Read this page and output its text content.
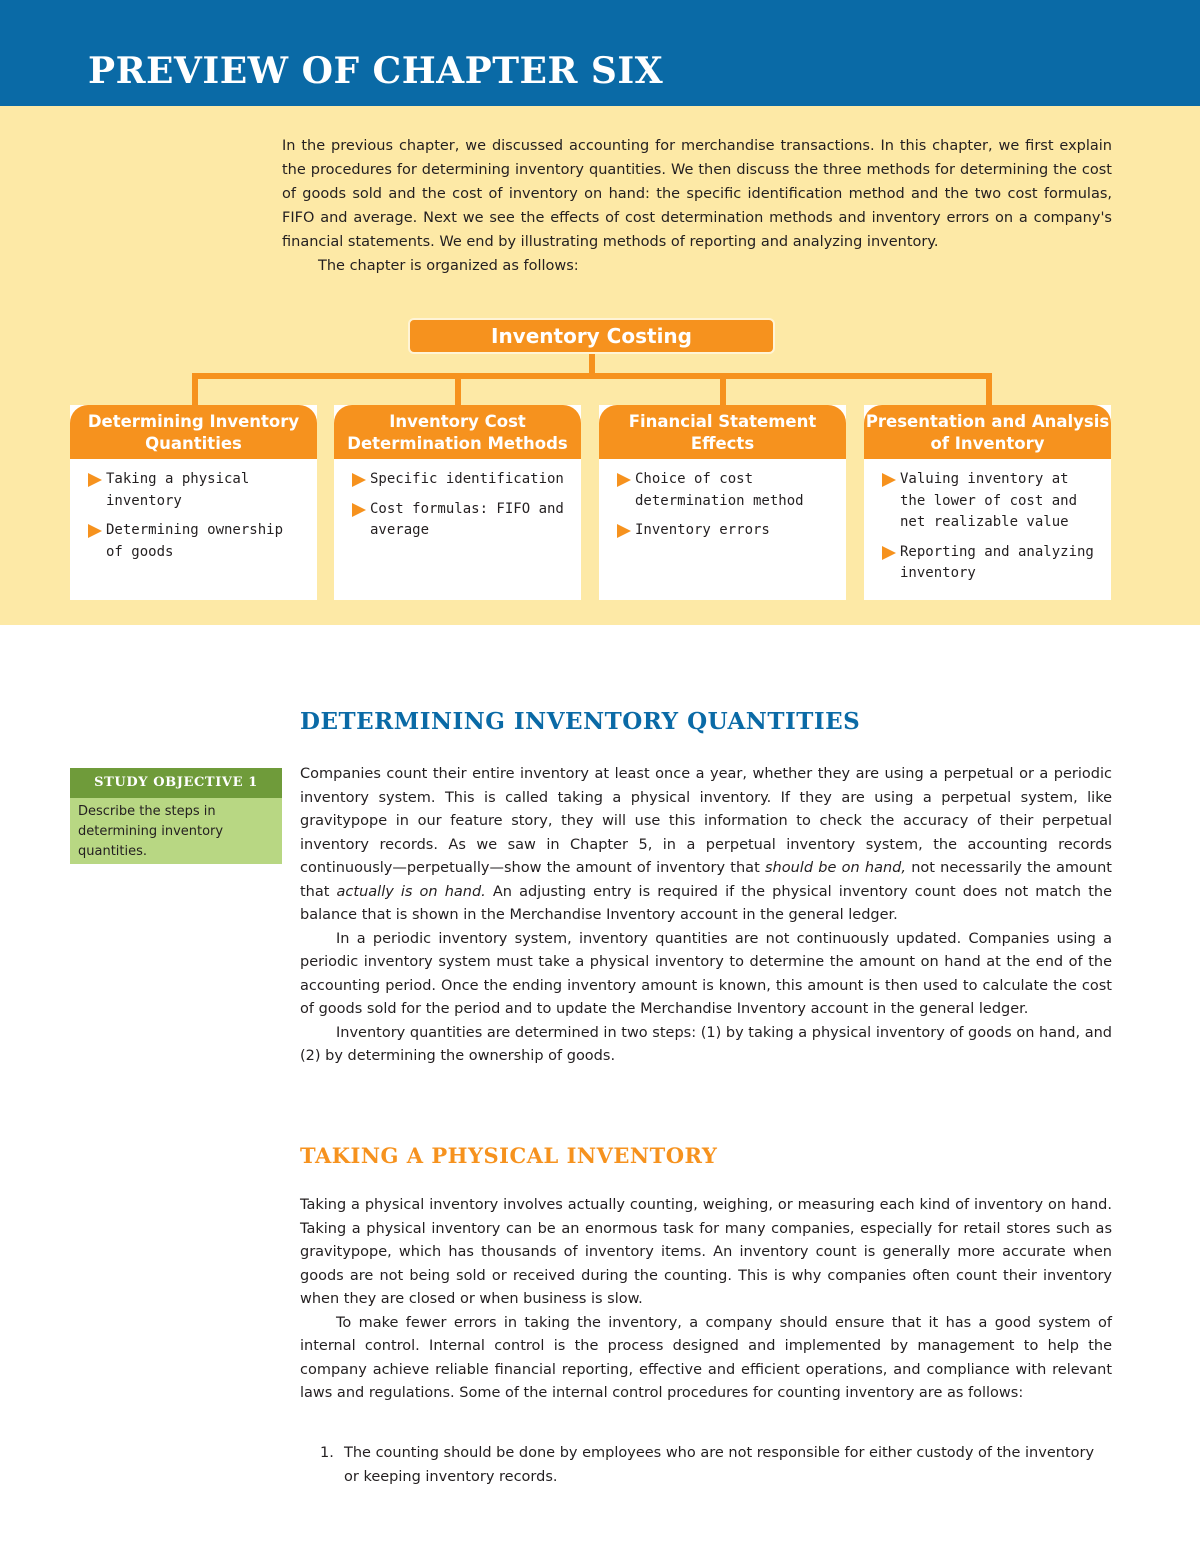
PREVIEW OF CHAPTER SIX
In the previous chapter, we discussed accounting for merchandise transactions. In this chapter, we first explain the procedures for determining inventory quantities. We then discuss the three methods for determining the cost of goods sold and the cost of inventory on hand: the specific identification method and the two cost formulas, FIFO and average. Next we see the effects of cost determination methods and inventory errors on a company's financial statements. We end by illustrating methods of reporting and analyzing inventory.
The chapter is organized as follows:
Inventory Costing
Determining Inventory Quantities
Taking a physical inventory
Determining ownership of goods
Inventory Cost Determination Methods
Specific identification
Cost formulas: FIFO and average
Financial Statement Effects
Choice of cost determination method
Inventory errors
Presentation and Analysis of Inventory
Valuing inventory at the lower of cost and net realizable value
Reporting and analyzing inventory
DETERMINING INVENTORY QUANTITIES
STUDY OBJECTIVE 1
Describe the steps in determining inventory quantities.

Companies count their entire inventory at least once a year, whether they are using a perpetual or a periodic inventory system. This is called taking a physical inventory. If they are using a perpetual system, like gravitypope in our feature story, they will use this information to check the accuracy of their perpetual inventory records. As we saw in Chapter 5, in a perpetual inventory system, the accounting records continuously—perpetually—show the amount of inventory that should be on hand, not necessarily the amount that actually is on hand. An adjusting entry is required if the physical inventory count does not match the balance that is shown in the Merchandise Inventory account in the general ledger.

In a periodic inventory system, inventory quantities are not continuously updated. Companies using a periodic inventory system must take a physical inventory to determine the amount on hand at the end of the accounting period. Once the ending inventory amount is known, this amount is then used to calculate the cost of goods sold for the period and to update the Merchandise Inventory account in the general ledger.

Inventory quantities are determined in two steps: (1) by taking a physical inventory of goods on hand, and (2) by determining the ownership of goods.

TAKING A PHYSICAL INVENTORY

Taking a physical inventory involves actually counting, weighing, or measuring each kind of inventory on hand. Taking a physical inventory can be an enormous task for many companies, especially for retail stores such as gravitypope, which has thousands of inventory items. An inventory count is generally more accurate when goods are not being sold or received during the counting. This is why companies often count their inventory when they are closed or when business is slow.

To make fewer errors in taking the inventory, a company should ensure that it has a good system of internal control. Internal control is the process designed and implemented by management to help the company achieve reliable financial reporting, effective and efficient operations, and compliance with relevant laws and regulations. Some of the internal control procedures for counting inventory are as follows:

1. The counting should be done by employees who are not responsible for either custody of the inventory or keeping inventory records.
